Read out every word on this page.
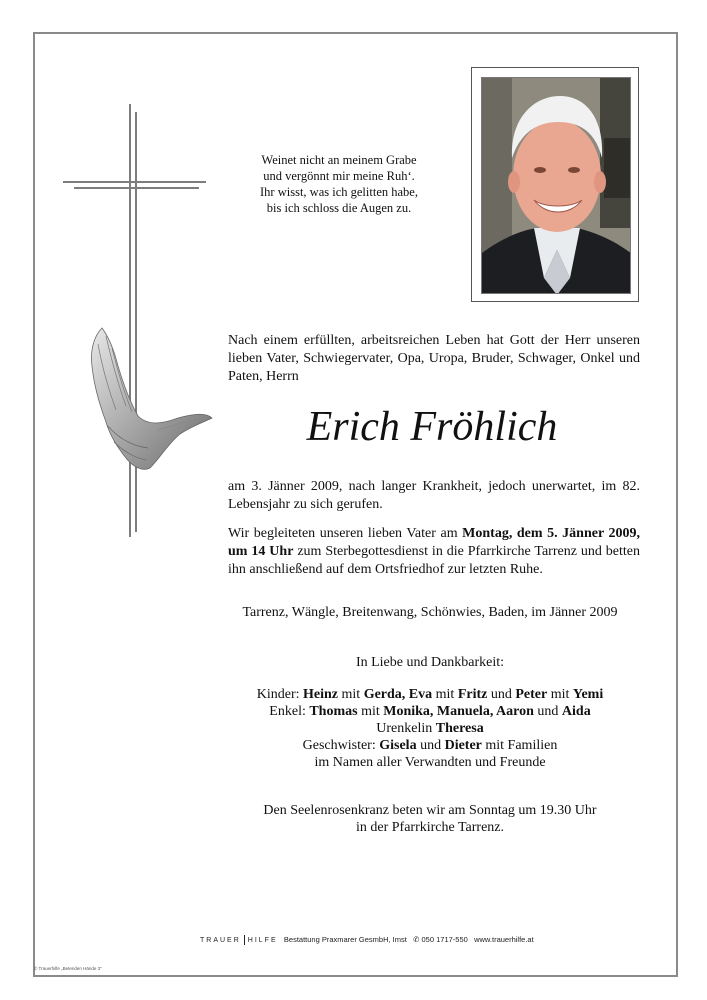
Weinet nicht an meinem Grabe
und vergönnt mir meine Ruh‘.
Ihr wisst, was ich gelitten habe,
bis ich schloss die Augen zu.
Nach einem erfüllten, arbeitsreichen Leben hat Gott der Herr unseren lieben Vater, Schwiegervater, Opa, Uropa, Bruder, Schwager, Onkel und Paten, Herrn
Erich Fröhlich
am 3. Jänner 2009, nach langer Krankheit, jedoch unerwartet, im 82. Lebensjahr zu sich gerufen.
Wir begleiteten unseren lieben Vater am Montag, dem 5. Jänner 2009, um 14 Uhr zum Sterbegottesdienst in die Pfarrkirche Tarrenz und betten ihn anschließend auf dem Ortsfriedhof zur letzten Ruhe.
Tarrenz, Wängle, Breitenwang, Schönwies, Baden, im Jänner 2009
In Liebe und Dankbarkeit:
Kinder: Heinz mit Gerda, Eva mit Fritz und Peter mit Yemi
Enkel: Thomas mit Monika, Manuela, Aaron und Aida
Urenkelin Theresa
Geschwister: Gisela und Dieter mit Familien
im Namen aller Verwandten und Freunde
Den Seelenrosenkranz beten wir am Sonntag um 19.30 Uhr
in der Pfarrkirche Tarrenz.
TRAUER HILFE Bestattung Praxmarer GesmbH, Imst ✆ 050 1717-550 www.trauerhilfe.at
© Trauerhilfe „Betenden Hände 3“
